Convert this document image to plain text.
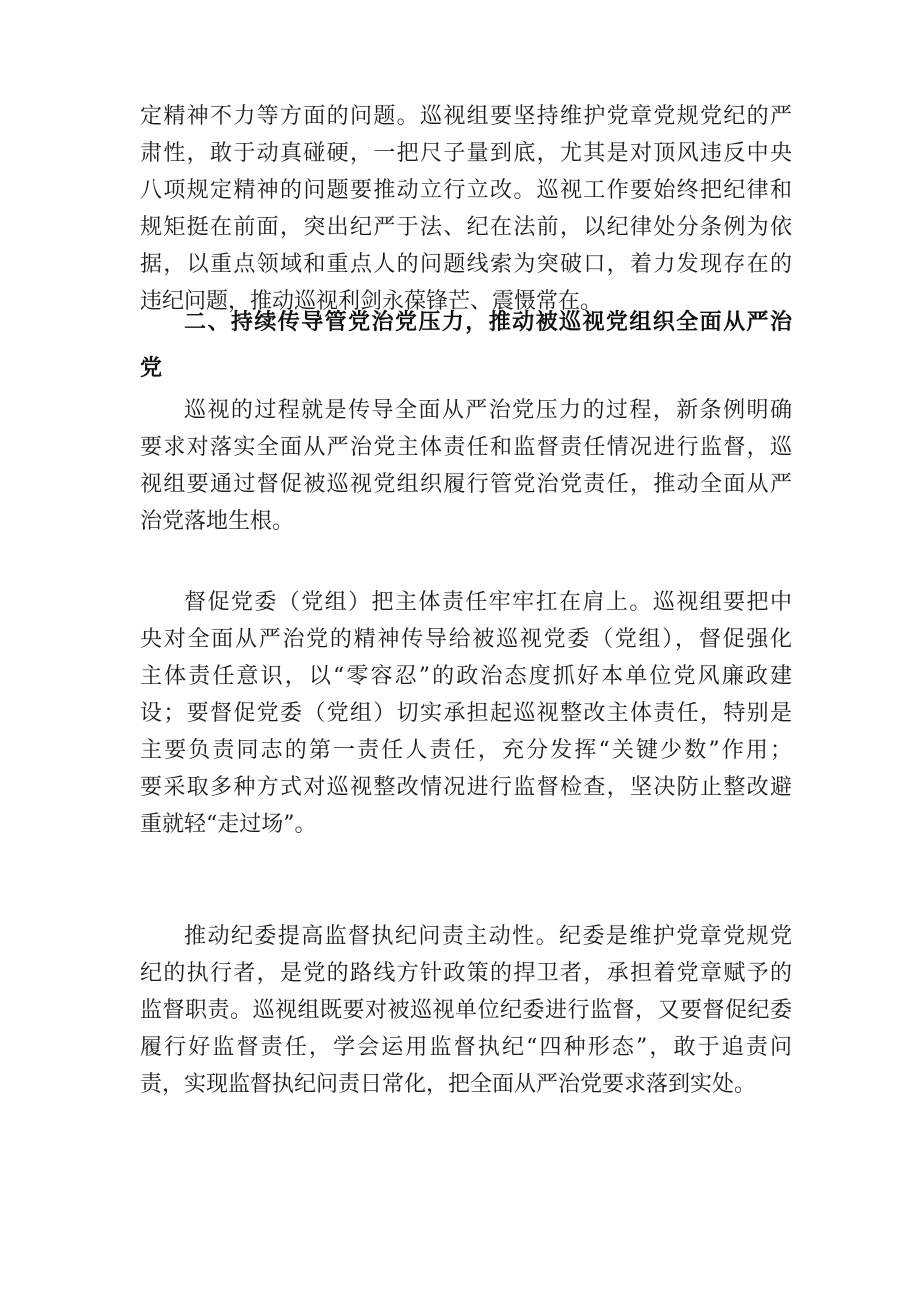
定精神不力等方面的问题。巡视组要坚持维护党章党规党纪的严
肃性，敢于动真碰硬，一把尺子量到底，尤其是对顶风违反中央
八项规定精神的问题要推动立行立改。巡视工作要始终把纪律和
规矩挺在前面，突出纪严于法、纪在法前，以纪律处分条例为依
据，以重点领域和重点人的问题线索为突破口，着力发现存在的
违纪问题，推动巡视利剑永葆锋芒、震慑常在。
二、持续传导管党治党压力，推动被巡视党组织全面从严治
党
巡视的过程就是传导全面从严治党压力的过程，新条例明确
要求对落实全面从严治党主体责任和监督责任情况进行监督，巡
视组要通过督促被巡视党组织履行管党治党责任，推动全面从严
治党落地生根。
督促党委（党组）把主体责任牢牢扛在肩上。巡视组要把中
央对全面从严治党的精神传导给被巡视党委（党组），督促强化
主体责任意识，以“零容忍”的政治态度抓好本单位党风廉政建
设；要督促党委（党组）切实承担起巡视整改主体责任，特别是
主要负责同志的第一责任人责任，充分发挥“关键少数”作用；
要采取多种方式对巡视整改情况进行监督检查，坚决防止整改避
重就轻“走过场”。
推动纪委提高监督执纪问责主动性。纪委是维护党章党规党
纪的执行者，是党的路线方针政策的捍卫者，承担着党章赋予的
监督职责。巡视组既要对被巡视单位纪委进行监督，又要督促纪委
履行好监督责任，学会运用监督执纪“四种形态”，敢于追责问
责，实现监督执纪问责日常化，把全面从严治党要求落到实处。
